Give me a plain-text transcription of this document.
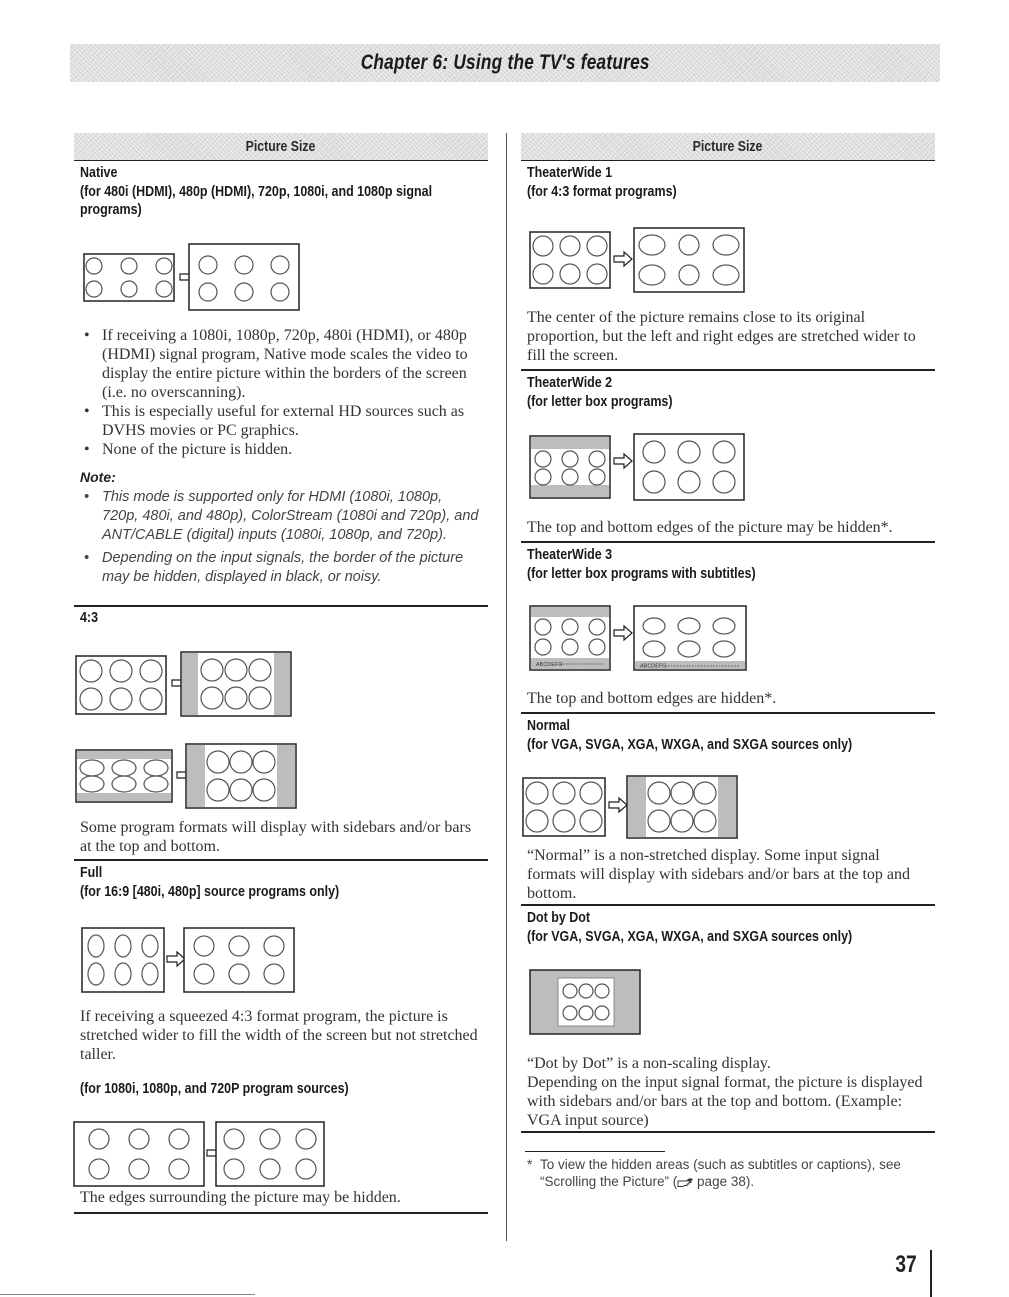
Chapter 6: Using the TV's features
Picture Size	Picture Size
Native
(for 480i (HDMI), 480p (HDMI), 720p, 1080i, and 1080p signal
programs)
• If receiving a 1080i, 1080p, 720p, 480i (HDMI), or 480p (HDMI) signal program, Native mode scales the video to display the entire picture within the borders of the screen (i.e. no overscanning).
• This is especially useful for external HD sources such as DVHS movies or PC graphics.
• None of the picture is hidden.
Note:
• This mode is supported only for HDMI (1080i, 1080p, 720p, 480i, and 480p), ColorStream (1080i and 720p), and ANT/CABLE (digital) inputs (1080i, 1080p, and 720p).
• Depending on the input signals, the border of the picture may be hidden, displayed in black, or noisy.
4:3
Some program formats will display with sidebars and/or bars at the top and bottom.
Full
(for 16:9 [480i, 480p] source programs only)
If receiving a squeezed 4:3 format program, the picture is stretched wider to fill the width of the screen but not stretched taller.
(for 1080i, 1080p, and 720P program sources)
The edges surrounding the picture may be hidden.
TheaterWide 1
(for 4:3 format programs)
The center of the picture remains close to its original proportion, but the left and right edges are stretched wider to fill the screen.
TheaterWide 2
(for letter box programs)
The top and bottom edges of the picture may be hidden*.
TheaterWide 3
(for letter box programs with subtitles)
ABCDEFG	ABCDEFG
The top and bottom edges are hidden*.
Normal
(for VGA, SVGA, XGA, WXGA, and SXGA sources only)
“Normal” is a non-stretched display. Some input signal formats will display with sidebars and/or bars at the top and bottom.
Dot by Dot
(for VGA, SVGA, XGA, WXGA, and SXGA sources only)
“Dot by Dot” is a non-scaling display.
Depending on the input signal format, the picture is displayed with sidebars and/or bars at the top and bottom. (Example: VGA input source)
* To view the hidden areas (such as subtitles or captions), see
“Scrolling the Picture” ( page 38).
37
